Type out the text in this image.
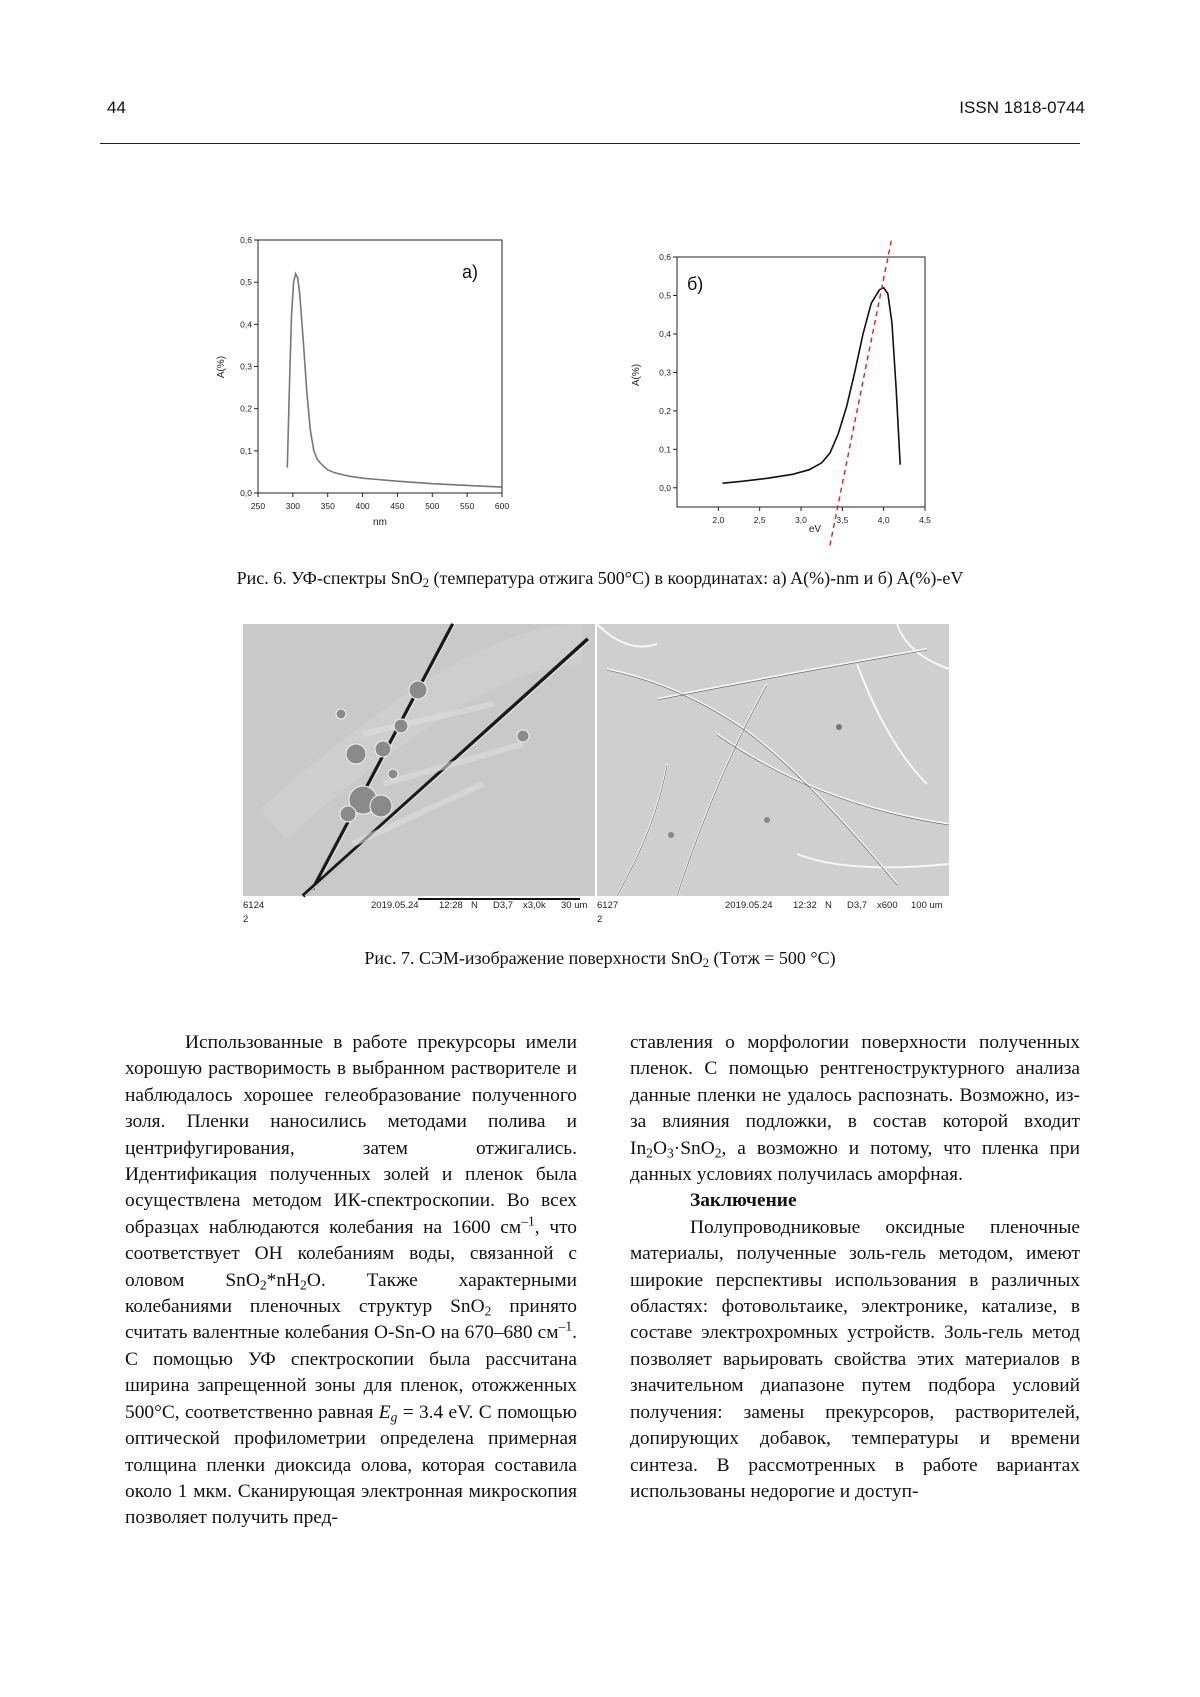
44	ISSN 1818-0744
250 300 350 400 450 500 550 600
0,0
0,1
0,2
0,3
0,4
0,5
0,6
a)
nm
A(%)
2,0	2,5	3,0	3,5	4,0	4,5
0,0
0,1
0,2
0,3
0,4
0,5
0,6
б)
eV
A(%)
Рис. 6. УФ-спектры SnO2 (температура отжига 500°С) в координатах: а) A(%)-nm и б) A(%)-eV
6124
2
2019.05.24 12:28 N D3,7 x3,0k 30 um 6127
2
2019.05.24 12:32 N D3,7 x600 100 um
Рис. 7. СЭМ-изображение поверхности SnO2 (Tотж = 500 °С)

Использованные в работе прекурсоры имели хорошую растворимость в выбранном растворителе и наблюдалось хорошее гелеобразование полученного золя. Пленки наносились методами полива и центрифугирования, затем отжигались. Идентификация полученных золей и пленок была осуществлена методом ИК-спектроскопии. Во всех образцах наблюдаются колебания на 1600 см–1, что соответствует ОН колебаниям воды, связанной с оловом SnO2*nH2O. Также характерными колебаниями пленочных структур SnO2 принято считать валентные колебания O-Sn-O на 670–680 см–1. С помощью УФ спектроскопии была рассчитана ширина запрещенной зоны для пленок, отожженных 500°С, соответственно равная Eg = 3.4 eV. С помощью оптической профилометрии определена примерная толщина пленки диоксида олова, которая составила около 1 мкм. Сканирующая электронная микроскопия позволяет получить пред-

ставления о морфологии поверхности полученных пленок. С помощью рентгеноструктурного анализа данные пленки не удалось распознать. Возможно, из-за влияния подложки, в состав которой входит In2O3·SnO2, а возможно и потому, что пленка при данных условиях получилась аморфная.

Заключение

Полупроводниковые оксидные пленочные материалы, полученные золь-гель методом, имеют широкие перспективы использования в различных областях: фотовольтаике, электронике, катализе, в составе электрохромных устройств. Золь-гель метод позволяет варьировать свойства этих материалов в значительном диапазоне путем подбора условий получения: замены прекурсоров, растворителей, допирующих добавок, температуры и времени синтеза. В рассмотренных в работе вариантах использованы недорогие и доступ-
